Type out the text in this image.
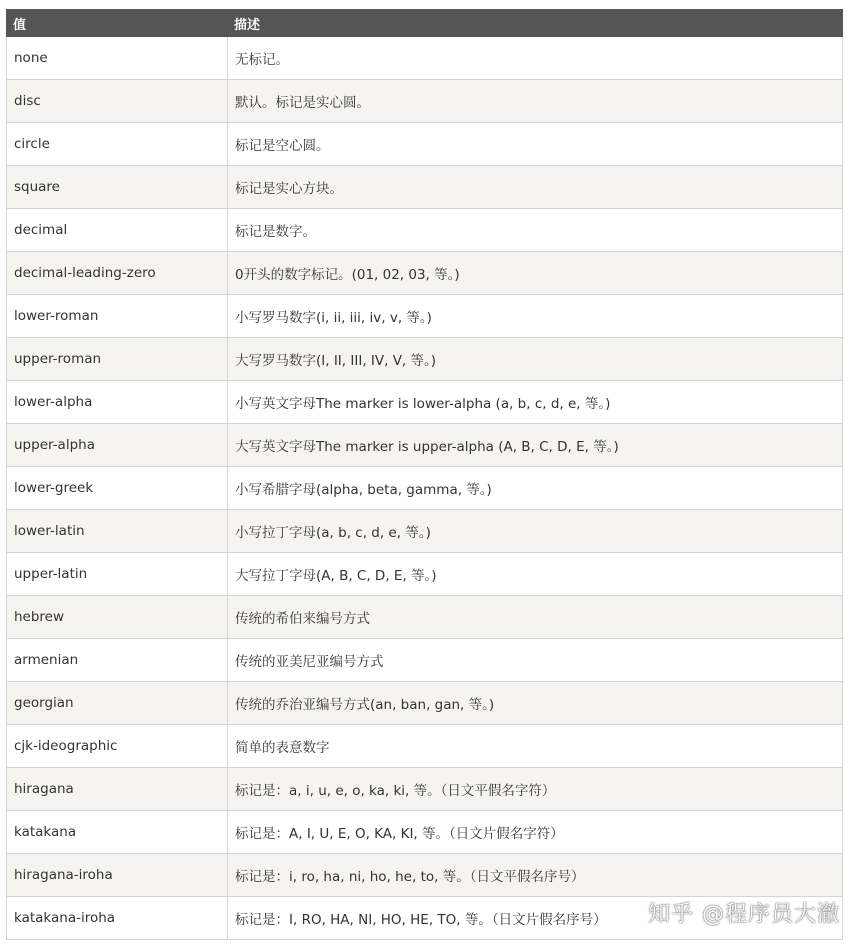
值	描述
none	无标记。
disc	默认。标记是实心圆。
circle	标记是空心圆。
square	标记是实心方块。
decimal	标记是数字。
decimal-leading-zero	0开头的数字标记。(01, 02, 03, 等。)
lower-roman	小写罗马数字(i, ii, iii, iv, v, 等。)
upper-roman	大写罗马数字(I, II, III, IV, V, 等。)
lower-alpha	小写英文字母The marker is lower-alpha (a, b, c, d, e, 等。)
upper-alpha	大写英文字母The marker is upper-alpha (A, B, C, D, E, 等。)
lower-greek	小写希腊字母(alpha, beta, gamma, 等。)
lower-latin	小写拉丁字母(a, b, c, d, e, 等。)
upper-latin	大写拉丁字母(A, B, C, D, E, 等。)
hebrew	传统的希伯来编号方式
armenian	传统的亚美尼亚编号方式
georgian	传统的乔治亚编号方式(an, ban, gan, 等。)
cjk-ideographic	简单的表意数字
hiragana	标记是：a, i, u, e, o, ka, ki, 等。（日文平假名字符）
katakana	标记是：A, I, U, E, O, KA, KI, 等。（日文片假名字符）
hiragana-iroha	标记是：i, ro, ha, ni, ho, he, to, 等。（日文平假名序号）
katakana-iroha	标记是：I, RO, HA, NI, HO, HE, TO, 等。（日文片假名序号） 知乎 @程序员大澈
